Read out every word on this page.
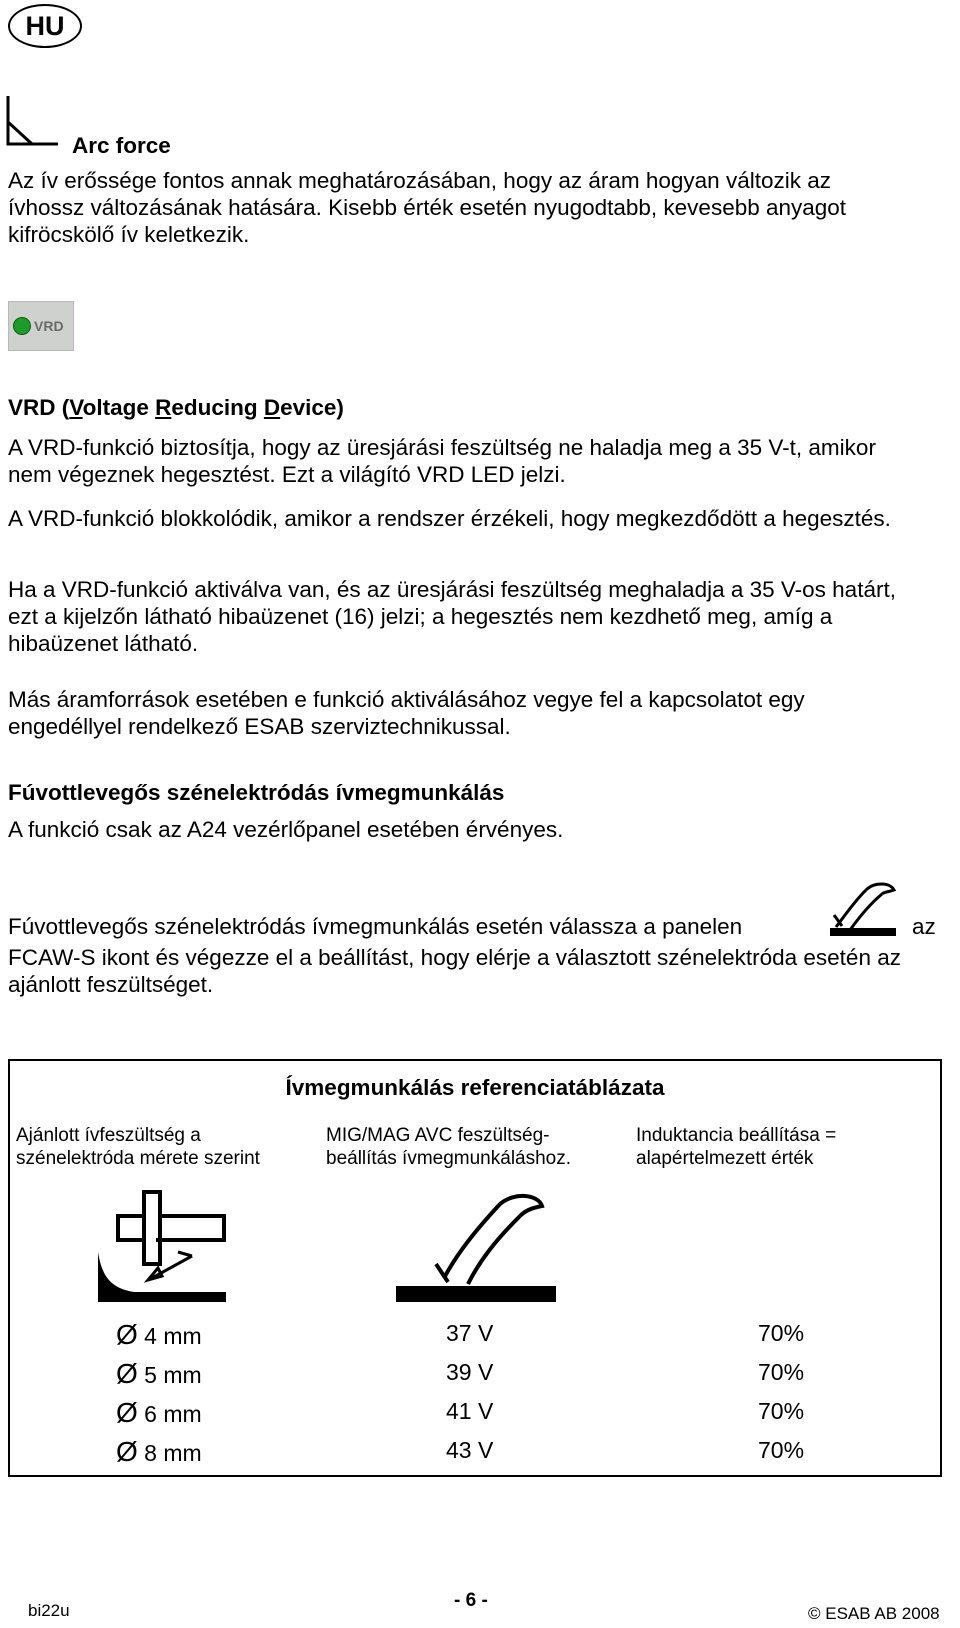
HU
Arc force

Az ív erőssége fontos annak meghatározásában, hogy az áram hogyan változik az ívhossz változásának hatására. Kisebb érték esetén nyugodtabb, kevesebb anyagot kifröcskölő ív keletkezik.

VRD
VRD (Voltage Reducing Device)

A VRD-funkció biztosítja, hogy az üresjárási feszültség ne haladja meg a 35 V-t, amikor nem végeznek hegesztést. Ezt a világító VRD LED jelzi.

A VRD-funkció blokkolódik, amikor a rendszer érzékeli, hogy megkezdődött a hegesztés.

Ha a VRD-funkció aktiválva van, és az üresjárási feszültség meghaladja a 35 V-os határt, ezt a kijelzőn látható hibaüzenet (16) jelzi; a hegesztés nem kezdhető meg, amíg a hibaüzenet látható.

Más áramforrások esetében e funkció aktiválásához vegye fel a kapcsolatot egy engedéllyel rendelkező ESAB szerviztechnikussal.

Fúvottlevegős szénelektródás ívmegmunkálás

A funkció csak az A24 vezérlőpanel esetében érvényes.

Fúvottlevegős szénelektródás ívmegmunkálás esetén válassza a panelen	az

FCAW-S ikont és végezze el a beállítást, hogy elérje a választott szénelektróda esetén az ajánlott feszültséget.

Ívmegmunkálás referenciatáblázata
Ajánlott ívfeszültség a szénelektróda mérete szerint
MIG/MAG AVC feszültség-beállítás ívmegmunkáláshoz.
Induktancia beállítása = alapértelmezett érték
Ø 4 mm	37 V	70%
Ø 5 mm	39 V	70%
Ø 6 mm	41 V	70%
Ø 8 mm	43 V	70%
bi22u	- 6 -
© ESAB AB 2008
